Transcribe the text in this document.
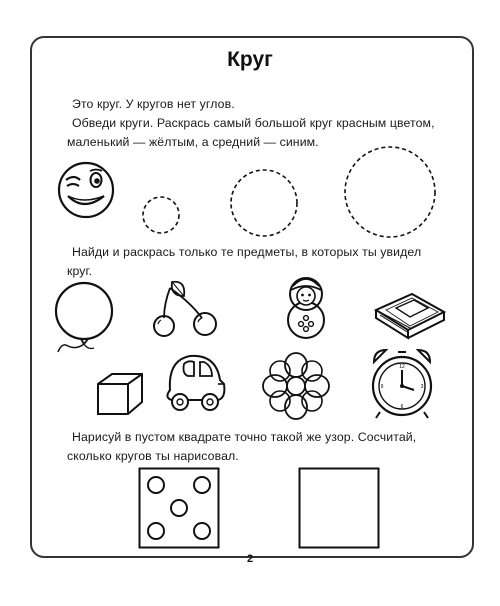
Круг

Это круг. У кругов нет углов.

Обведи круги. Раскрась самый большой круг красным цветом,

маленький — жёлтым, а средний — синим.

Найди и раскрась только те предметы, в которых ты увидел

круг.

12
3
6
9

Нарисуй в пустом квадрате точно такой же узор. Сосчитай,

сколько кругов ты нарисовал.

2
